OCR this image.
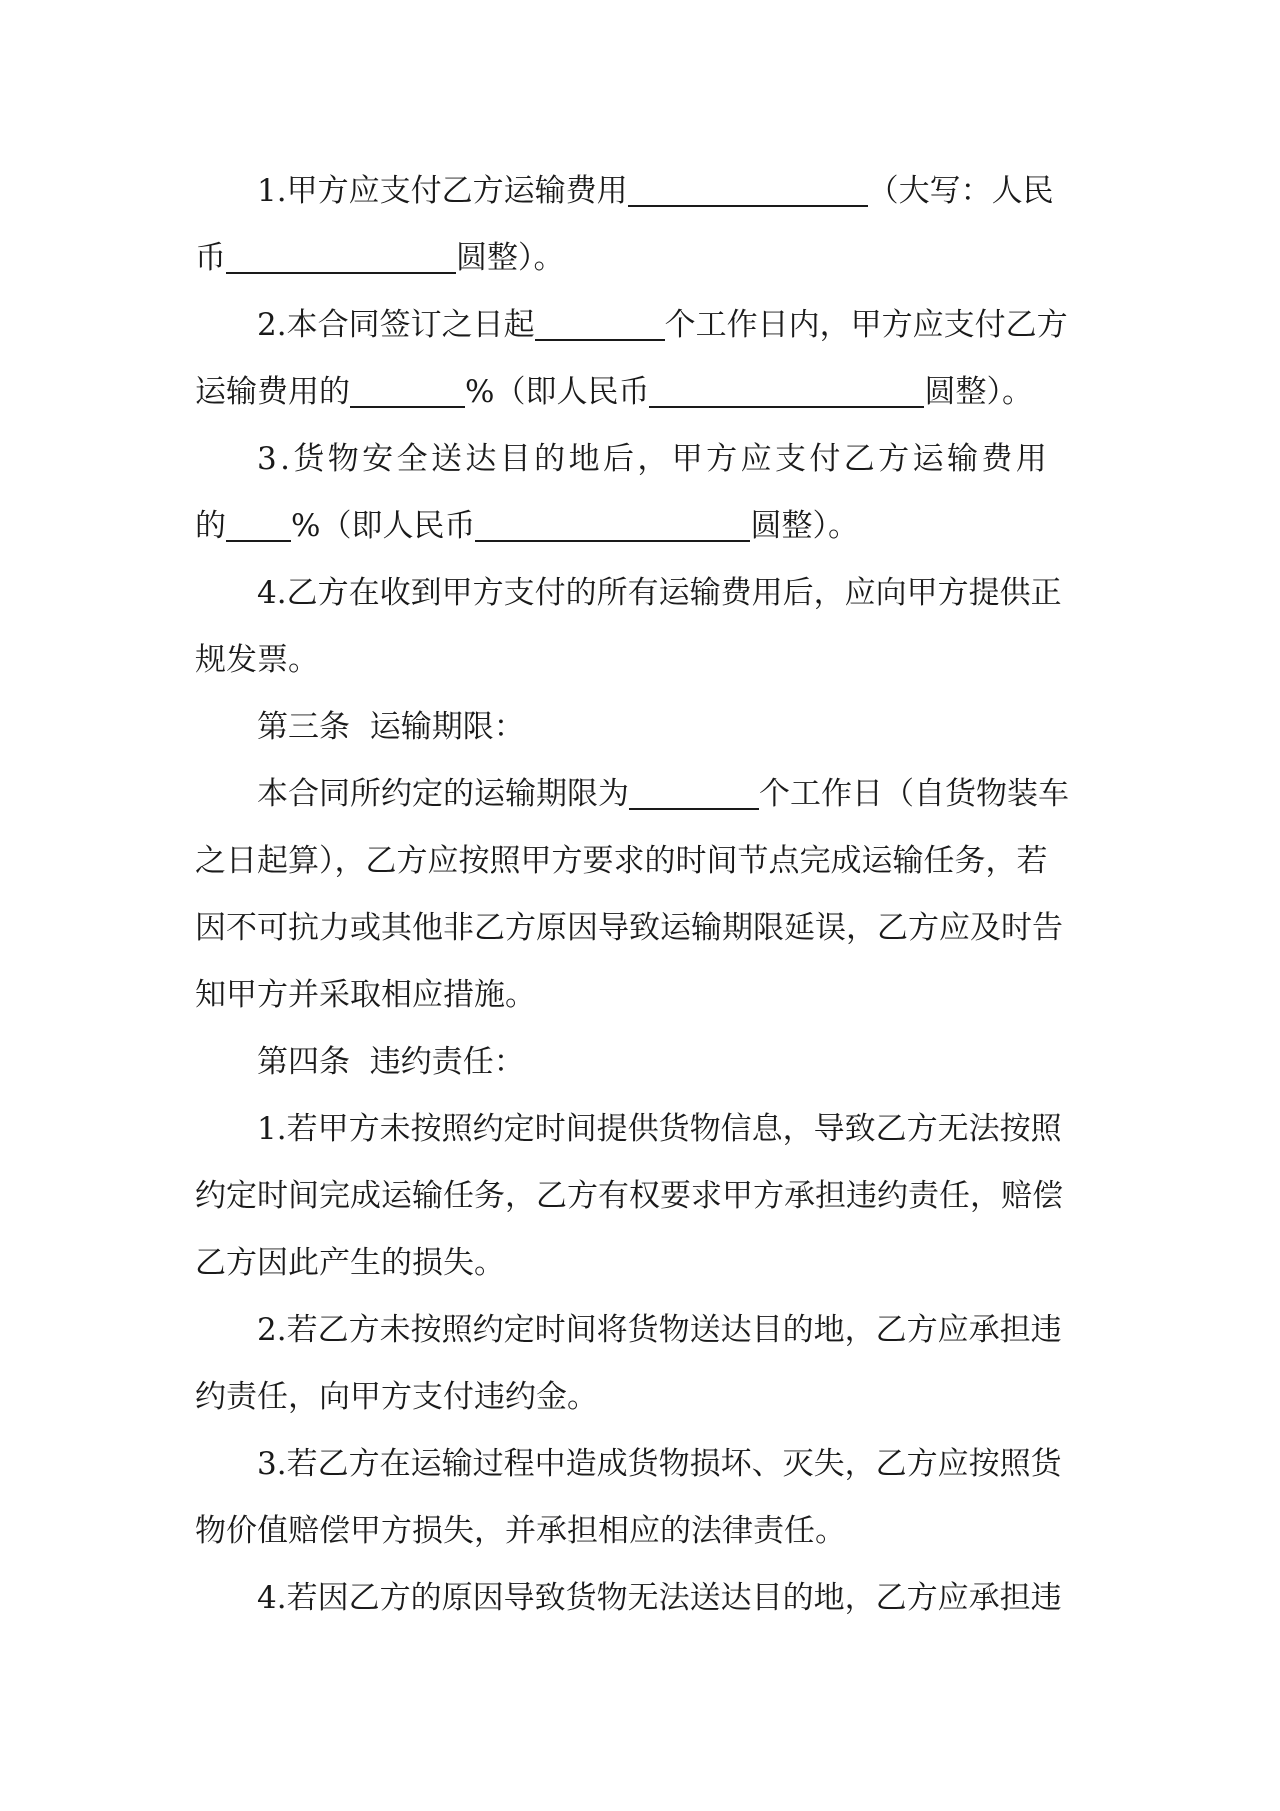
1.甲方应支付乙方运输费用	（大写：人民
币	圆整）。
2.本合同签订之日起	个工作日内，甲方应支付乙方
运输费用的	%（即人民币	圆整）。
3.货物安全送达目的地后，甲方应支付乙方运输费用
的 %（即人民币	圆整）。
4.乙方在收到甲方支付的所有运输费用后，应向甲方提供正
规发票。
第三条  运输期限：
本合同所约定的运输期限为	个工作日（自货物装车
之日起算），乙方应按照甲方要求的时间节点完成运输任务，若
因不可抗力或其他非乙方原因导致运输期限延误，乙方应及时告
知甲方并采取相应措施。
第四条  违约责任：
1.若甲方未按照约定时间提供货物信息，导致乙方无法按照
约定时间完成运输任务，乙方有权要求甲方承担违约责任，赔偿
乙方因此产生的损失。
2.若乙方未按照约定时间将货物送达目的地，乙方应承担违
约责任，向甲方支付违约金。
3.若乙方在运输过程中造成货物损坏、灭失，乙方应按照货
物价值赔偿甲方损失，并承担相应的法律责任。
4.若因乙方的原因导致货物无法送达目的地，乙方应承担违
